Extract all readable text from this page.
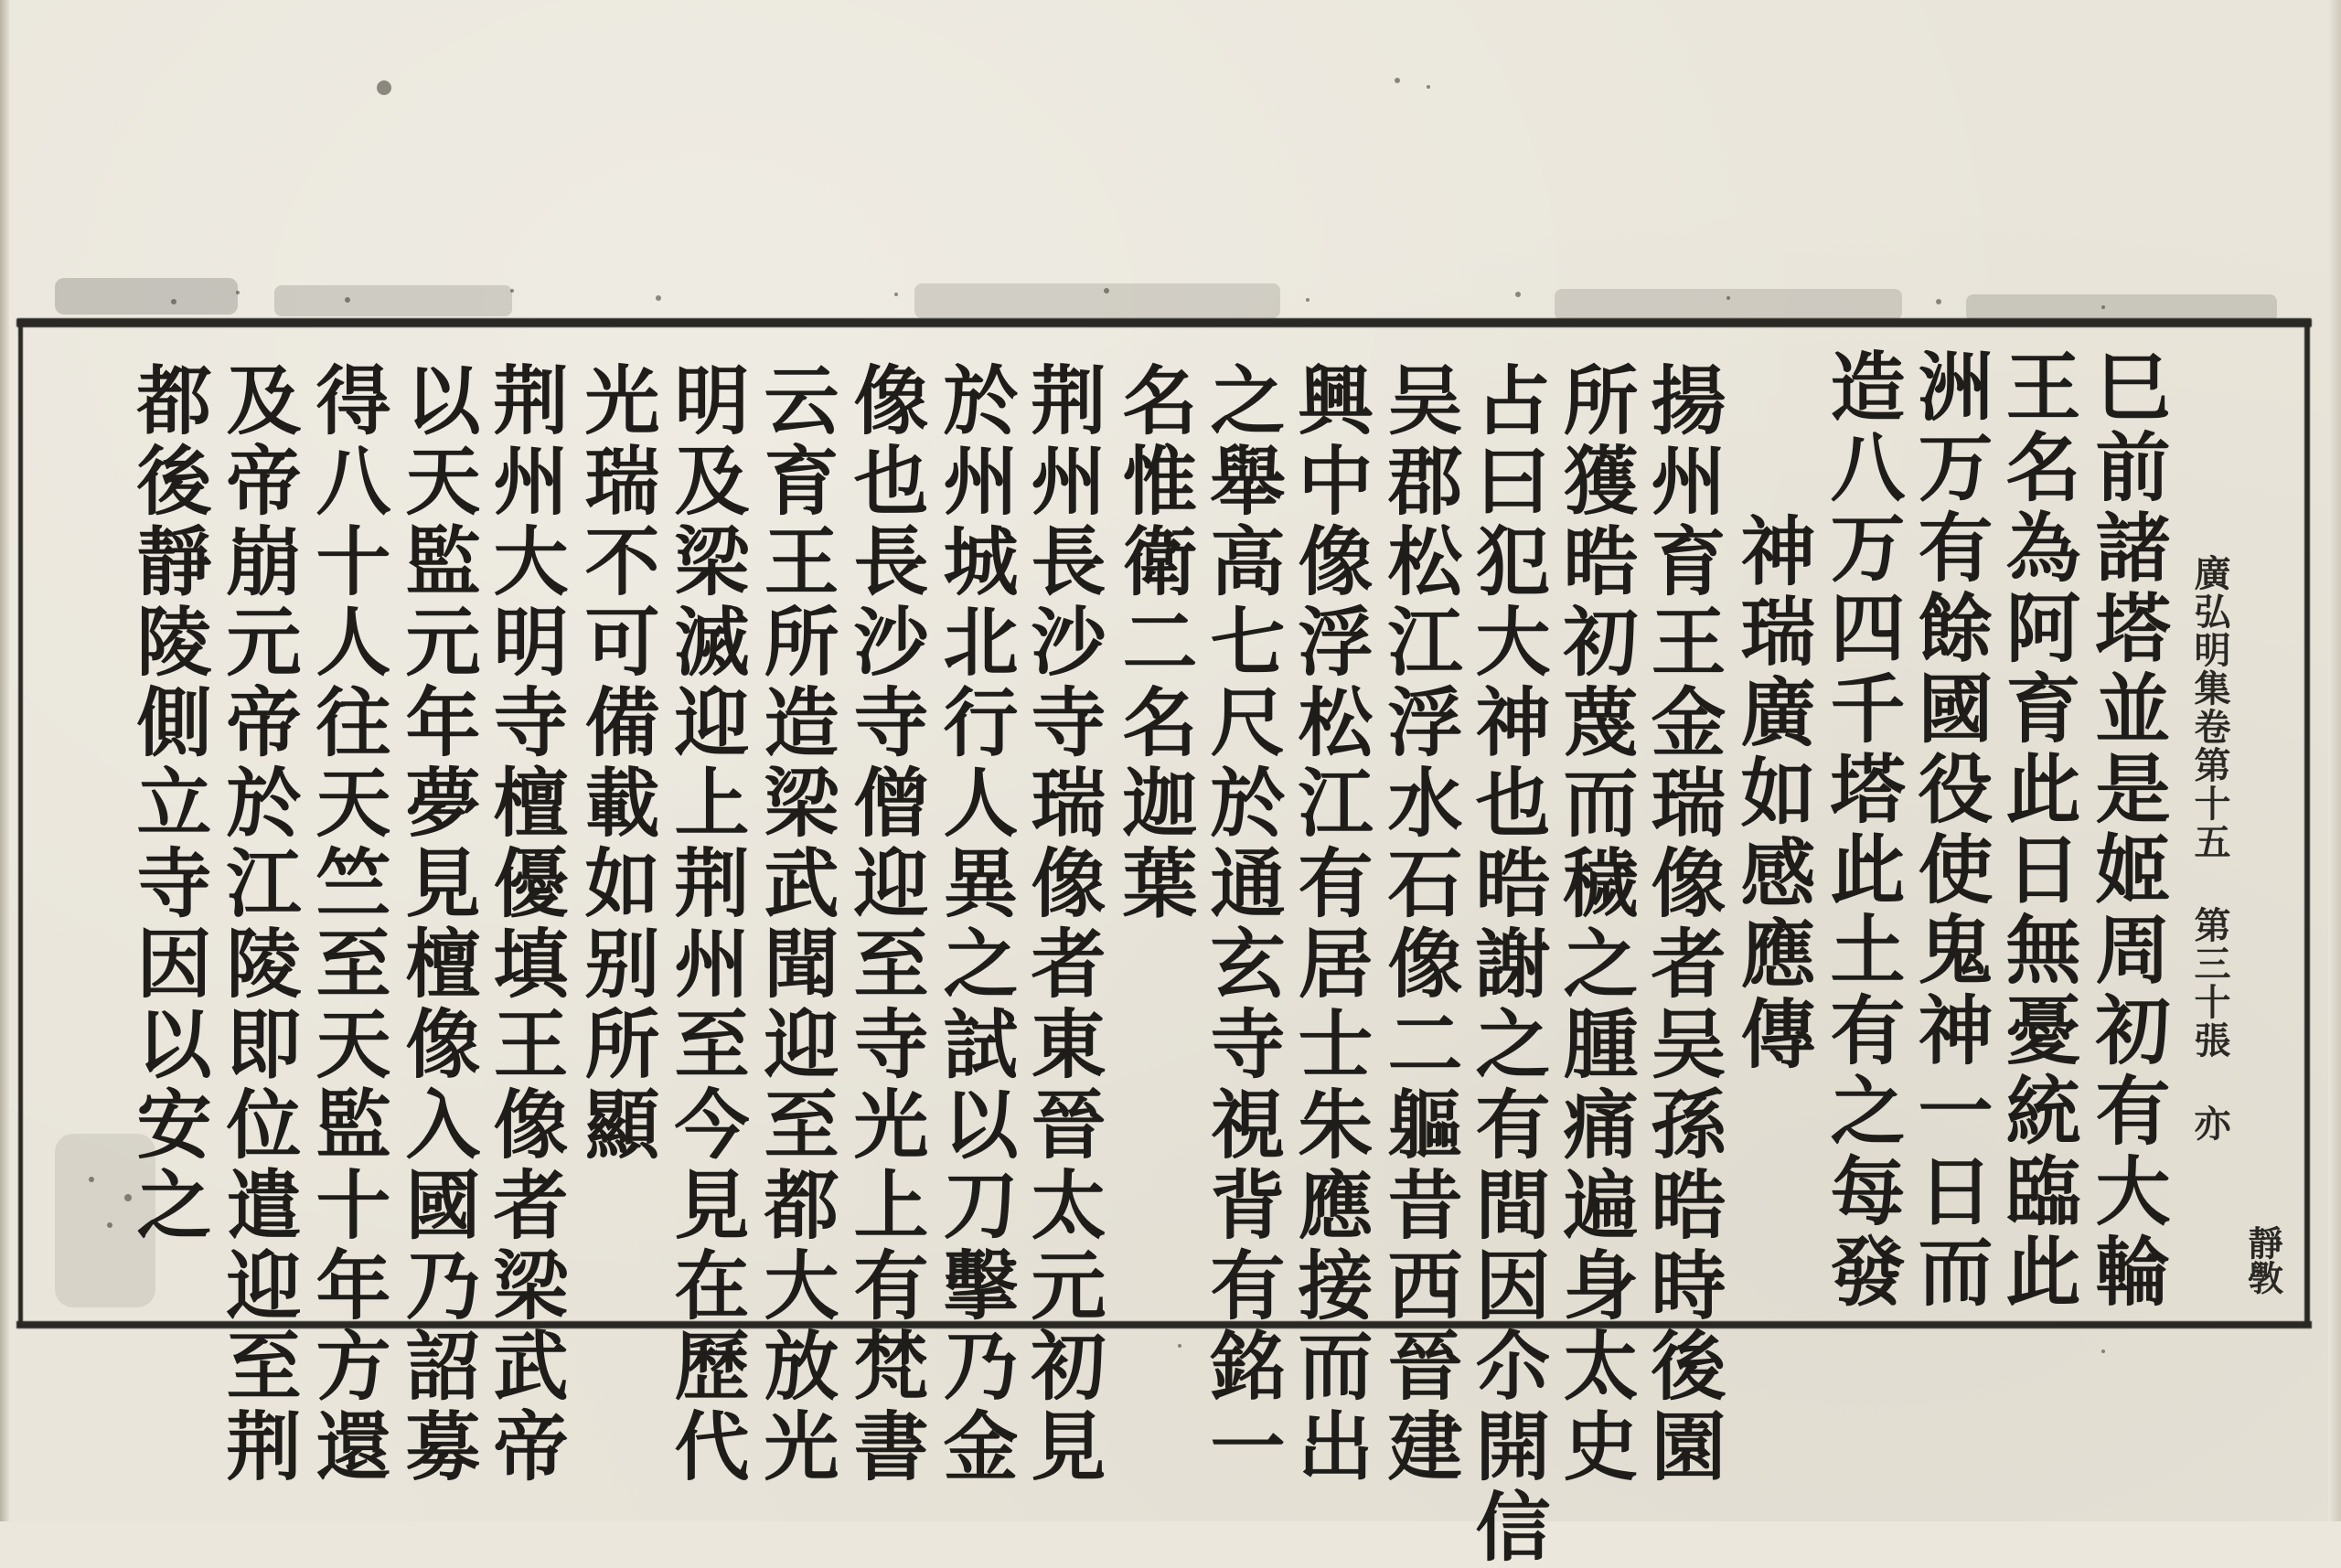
廣弘明集卷第十五 第三十張 亦
靜斆
巳前諸塔並是姬周初有大輪
王名為阿育此日無憂統臨此
洲万有餘國役使鬼神一日而
造八万四千塔此土有之每發
神瑞廣如感應傳
揚州育王金瑞像者吴孫晧時後園
所獲晧初蔑而穢之腫痛遍身太史
占曰犯大神也晧謝之有間因尒開信
吴郡松江浮水石像二軀昔西晉建
興中像浮松江有居士朱應接而出
之舉高七尺於通玄寺視背有銘一
名惟衛二名迦葉
荆州長沙寺瑞像者東晉太元初見
於州城北行人異之試以刀擊乃金
像也長沙寺僧迎至寺光上有梵書
云育王所造梁武聞迎至都大放光
明及梁滅迎上荆州至今見在歷代
光瑞不可備載如别所顯
荆州大明寺檀優填王像者梁武帝
以天監元年夢見檀像入國乃詔募
得八十人往天竺至天監十年方還
及帝崩元帝於江陵即位遣迎至荆
都後靜陵側立寺因以安之
